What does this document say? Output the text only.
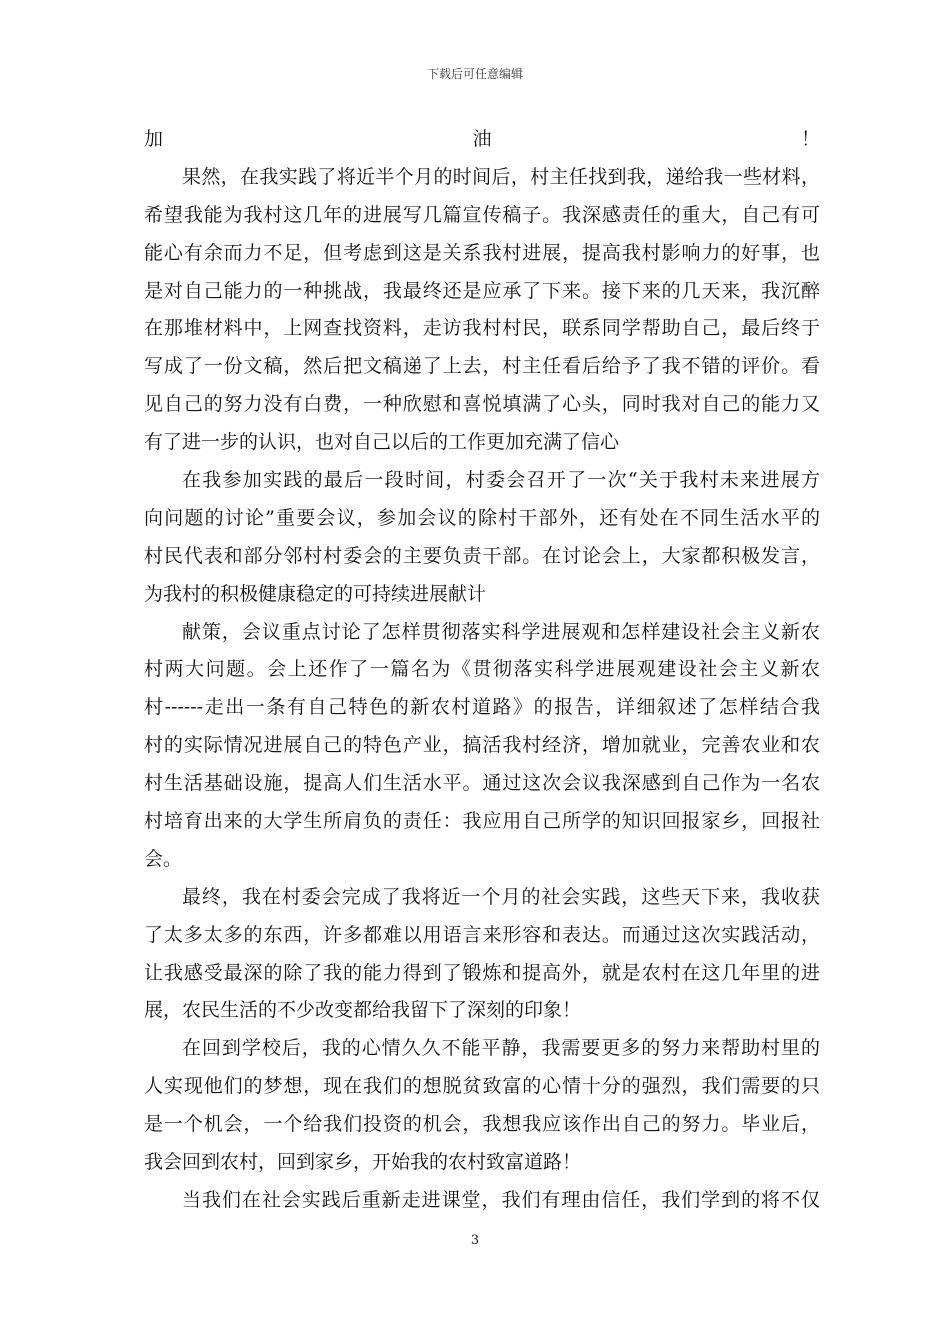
下载后可任意编辑
加油！
果然，在我实践了将近半个月的时间后，村主任找到我，递给我一些材料，
希望我能为我村这几年的进展写几篇宣传稿子。我深感责任的重大，自己有可
能心有余而力不足，但考虑到这是关系我村进展，提高我村影响力的好事，也
是对自己能力的一种挑战，我最终还是应承了下来。接下来的几天来，我沉醉
在那堆材料中，上网查找资料，走访我村村民，联系同学帮助自己，最后终于
写成了一份文稿，然后把文稿递了上去，村主任看后给予了我不错的评价。看
见自己的努力没有白费，一种欣慰和喜悦填满了心头，同时我对自己的能力又
有了进一步的认识，也对自己以后的工作更加充满了信心
在我参加实践的最后一段时间，村委会召开了一次“关于我村未来进展方
向问题的讨论”重要会议，参加会议的除村干部外，还有处在不同生活水平的
村民代表和部分邻村村委会的主要负责干部。在讨论会上，大家都积极发言，
为我村的积极健康稳定的可持续进展献计
献策，会议重点讨论了怎样贯彻落实科学进展观和怎样建设社会主义新农
村两大问题。会上还作了一篇名为《贯彻落实科学进展观建设社会主义新农
村------走出一条有自己特色的新农村道路》的报告，详细叙述了怎样结合我
村的实际情况进展自己的特色产业，搞活我村经济，增加就业，完善农业和农
村生活基础设施，提高人们生活水平。通过这次会议我深感到自己作为一名农
村培育出来的大学生所肩负的责任：我应用自己所学的知识回报家乡，回报社
会。
最终，我在村委会完成了我将近一个月的社会实践，这些天下来，我收获
了太多太多的东西，许多都难以用语言来形容和表达。而通过这次实践活动，
让我感受最深的除了我的能力得到了锻炼和提高外，就是农村在这几年里的进
展，农民生活的不少改变都给我留下了深刻的印象！
在回到学校后，我的心情久久不能平静，我需要更多的努力来帮助村里的
人实现他们的梦想，现在我们的想脱贫致富的心情十分的强烈，我们需要的只
是一个机会，一个给我们投资的机会，我想我应该作出自己的努力。毕业后，
我会回到农村，回到家乡，开始我的农村致富道路！
当我们在社会实践后重新走进课堂，我们有理由信任，我们学到的将不仅
3
